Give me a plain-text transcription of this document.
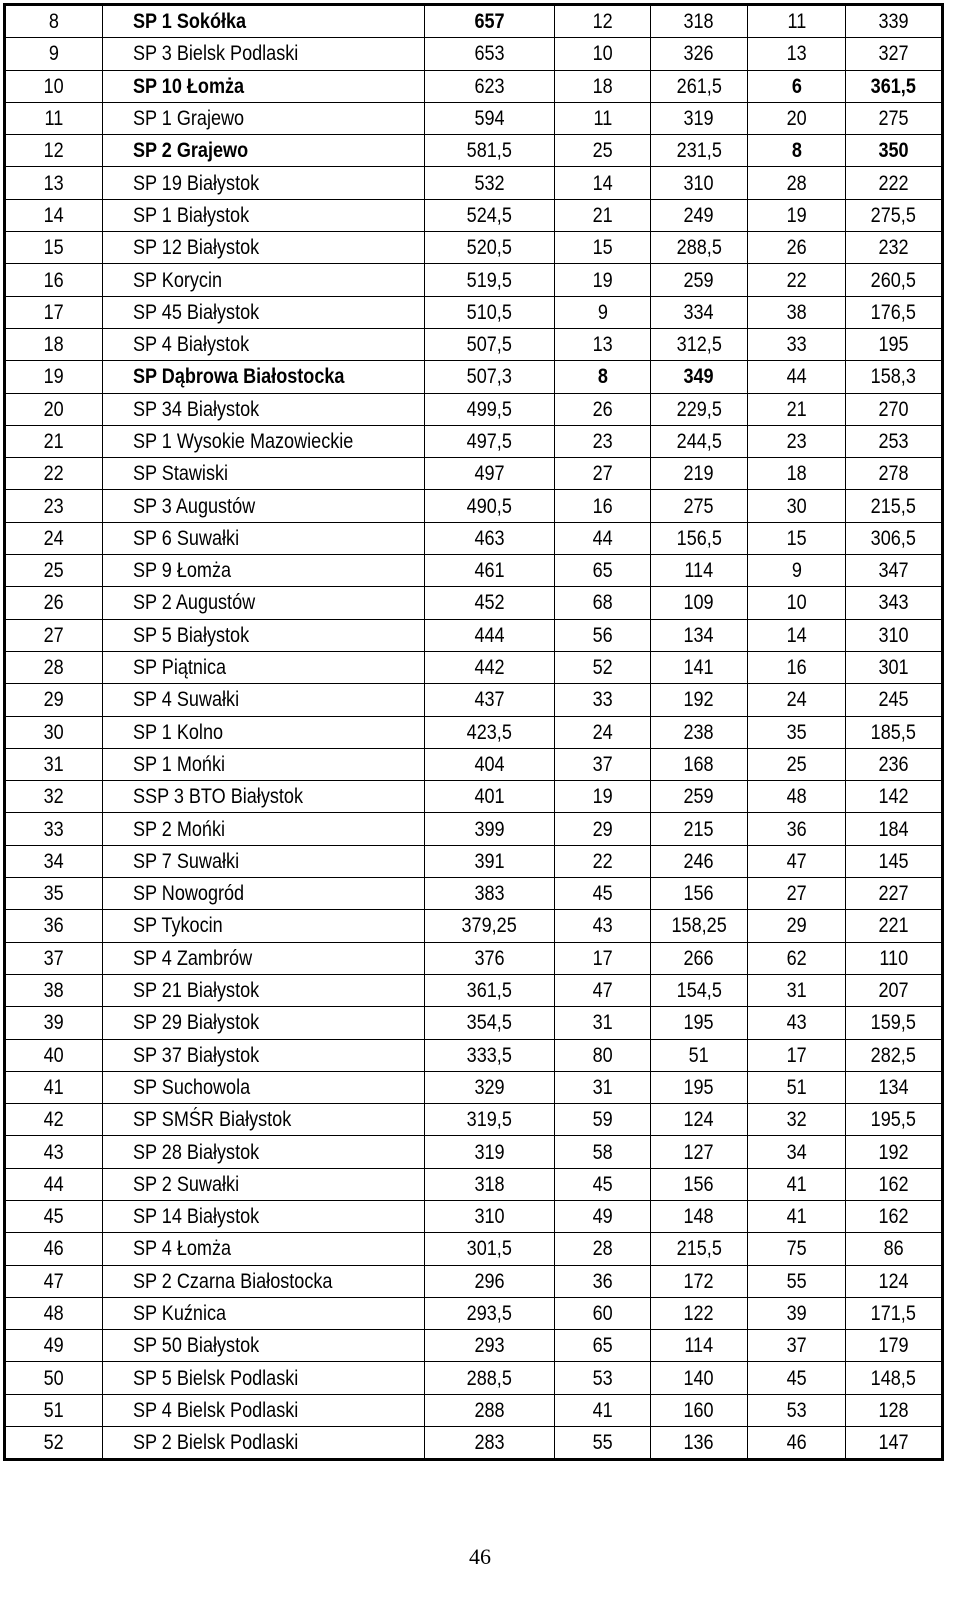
8	SP 1 Sokółka	657	12	318	11	339
9	SP 3 Bielsk Podlaski	653	10	326	13	327
10	SP 10 Łomża	623	18	261,5	6	361,5
11	SP 1 Grajewo	594	11	319	20	275
12	SP 2 Grajewo	581,5	25	231,5	8	350
13	SP 19 Białystok	532	14	310	28	222
14	SP 1 Białystok	524,5	21	249	19	275,5
15	SP 12 Białystok	520,5	15	288,5	26	232
16	SP Korycin	519,5	19	259	22	260,5
17	SP 45 Białystok	510,5	9	334	38	176,5
18	SP 4 Białystok	507,5	13	312,5	33	195
19	SP Dąbrowa Białostocka	507,3	8	349	44	158,3
20	SP 34 Białystok	499,5	26	229,5	21	270
21	SP 1 Wysokie Mazowieckie	497,5	23	244,5	23	253
22	SP Stawiski	497	27	219	18	278
23	SP 3 Augustów	490,5	16	275	30	215,5
24	SP 6 Suwałki	463	44	156,5	15	306,5
25	SP 9 Łomża	461	65	114	9	347
26	SP 2 Augustów	452	68	109	10	343
27	SP 5 Białystok	444	56	134	14	310
28	SP Piątnica	442	52	141	16	301
29	SP 4 Suwałki	437	33	192	24	245
30	SP 1 Kolno	423,5	24	238	35	185,5
31	SP 1 Mońki	404	37	168	25	236
32	SSP 3 BTO Białystok	401	19	259	48	142
33	SP 2 Mońki	399	29	215	36	184
34	SP 7 Suwałki	391	22	246	47	145
35	SP Nowogród	383	45	156	27	227
36	SP Tykocin	379,25	43	158,25	29	221
37	SP 4 Zambrów	376	17	266	62	110
38	SP 21 Białystok	361,5	47	154,5	31	207
39	SP 29 Białystok	354,5	31	195	43	159,5
40	SP 37 Białystok	333,5	80	51	17	282,5
41	SP Suchowola	329	31	195	51	134
42	SP SMŚR Białystok	319,5	59	124	32	195,5
43	SP 28 Białystok	319	58	127	34	192
44	SP 2 Suwałki	318	45	156	41	162
45	SP 14 Białystok	310	49	148	41	162
46	SP 4 Łomża	301,5	28	215,5	75	86
47	SP 2 Czarna Białostocka	296	36	172	55	124
48	SP Kuźnica	293,5	60	122	39	171,5
49	SP 50 Białystok	293	65	114	37	179
50	SP 5 Bielsk Podlaski	288,5	53	140	45	148,5
51	SP 4 Bielsk Podlaski	288	41	160	53	128
52	SP 2 Bielsk Podlaski	283	55	136	46	147
46
